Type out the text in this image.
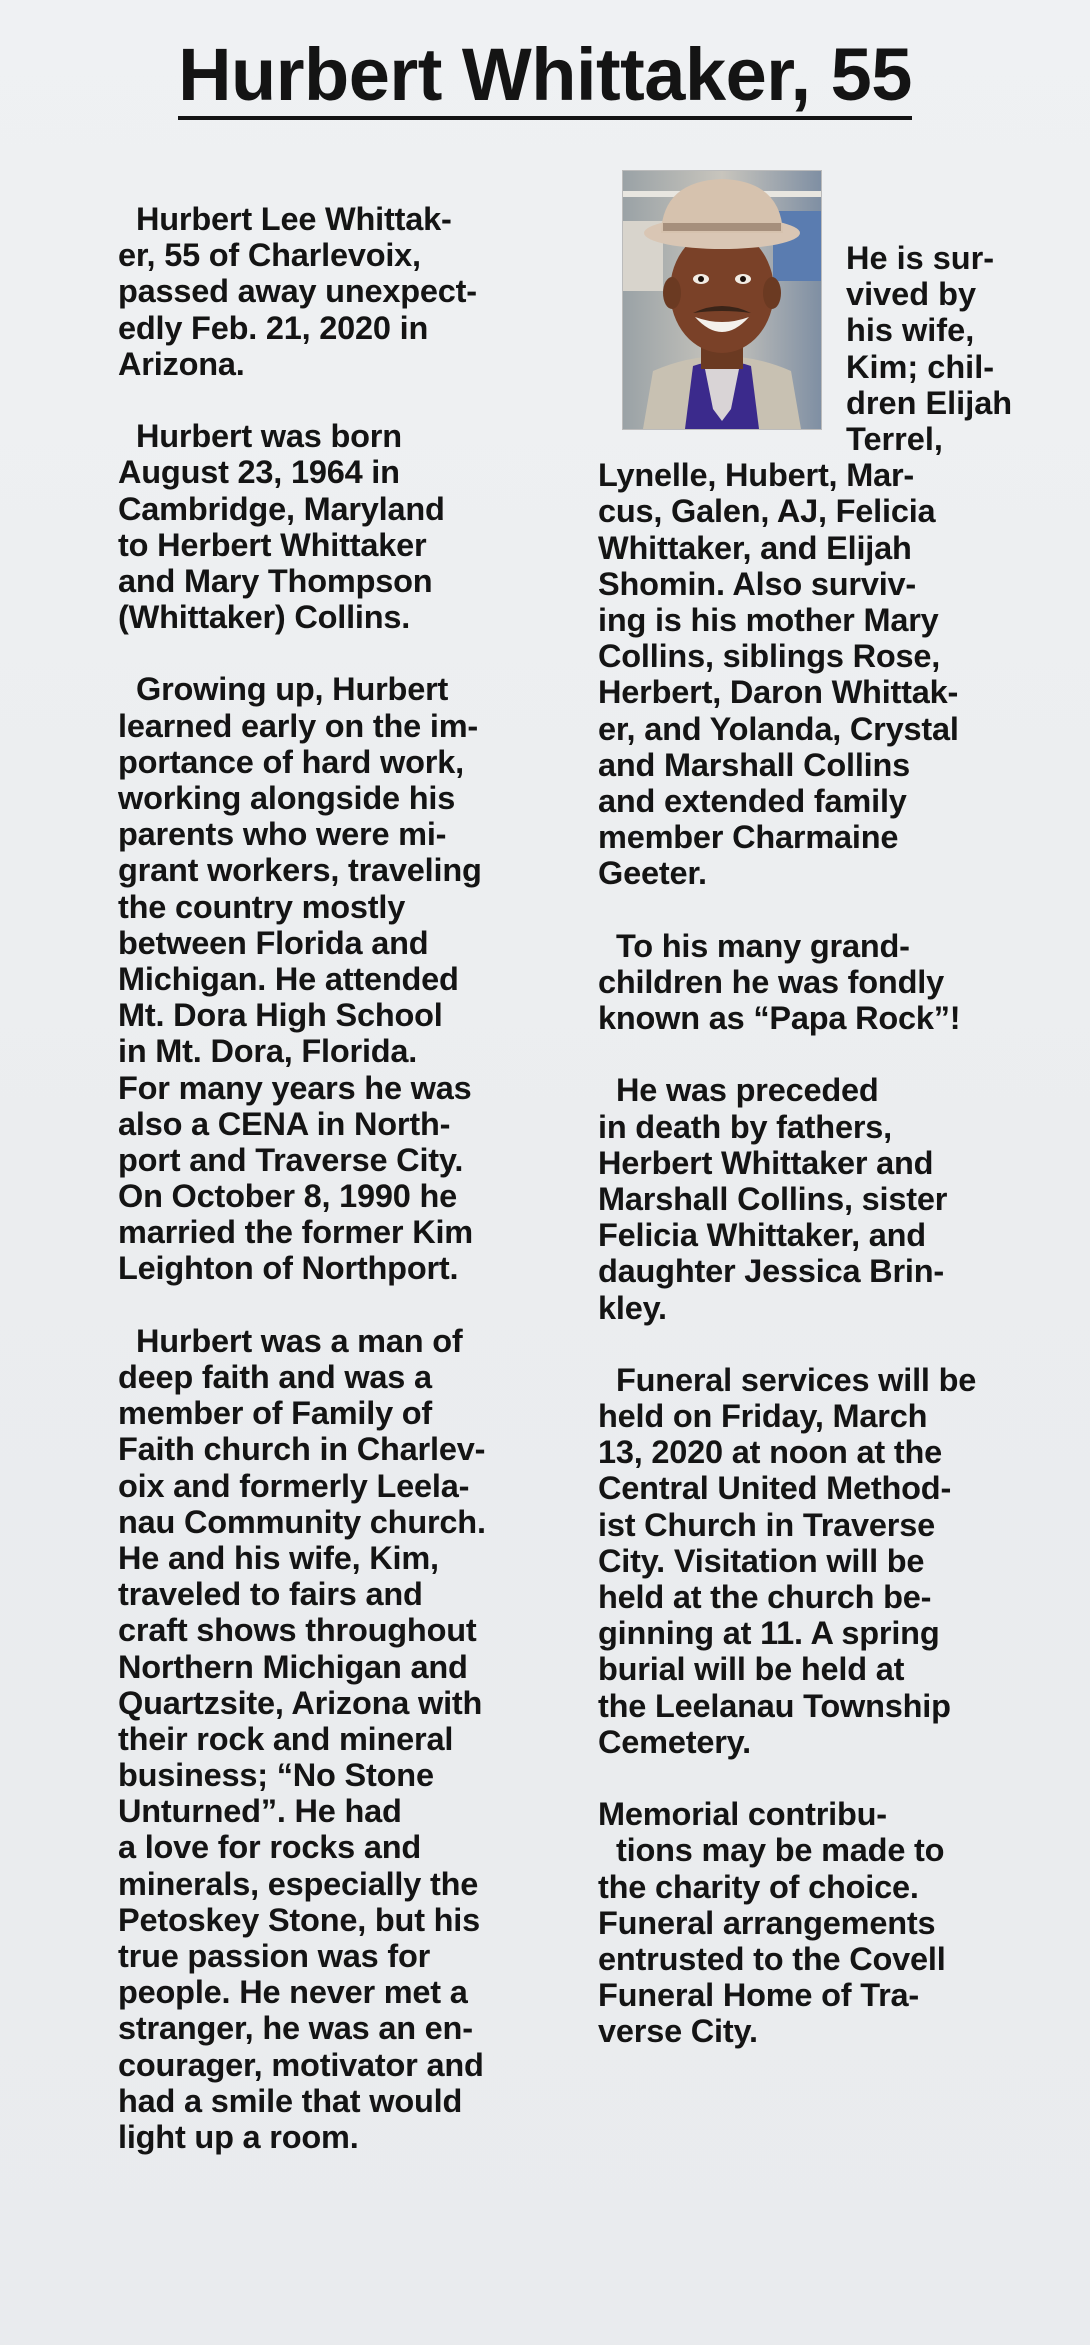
Hurbert Whittaker, 55
Hurbert Lee Whittak-
er, 55 of Charlevoix,
passed away unexpect-
edly Feb. 21, 2020 in
Arizona.
Hurbert was born
August 23, 1964 in
Cambridge, Maryland
to Herbert Whittaker
and Mary Thompson
(Whittaker) Collins.
Growing up, Hurbert
learned early on the im-
portance of hard work,
working alongside his
parents who were mi-
grant workers, traveling
the country mostly
between Florida and
Michigan. He attended
Mt. Dora High School
in Mt. Dora, Florida.
For many years he was
also a CENA in North-
port and Traverse City.
On October 8, 1990 he
married the former Kim
Leighton of Northport.
Hurbert was a man of
deep faith and was a
member of Family of
Faith church in Charlev-
oix and formerly Leela-
nau Community church.
He and his wife, Kim,
traveled to fairs and
craft shows throughout
Northern Michigan and
Quartzsite, Arizona with
their rock and mineral
business; “No Stone
Unturned”. He had
a love for rocks and
minerals, especially the
Petoskey Stone, but his
true passion was for
people. He never met a
stranger, he was an en-
courager, motivator and
had a smile that would
light up a room.
He is sur-
vived by
his wife,
Kim; chil-
dren Elijah
Terrel,
Lynelle, Hubert, Mar-
cus, Galen, AJ, Felicia
Whittaker, and Elijah
Shomin. Also surviv-
ing is his mother Mary
Collins, siblings Rose,
Herbert, Daron Whittak-
er, and Yolanda, Crystal
and Marshall Collins
and extended family
member Charmaine
Geeter.
To his many grand-
children he was fondly
known as “Papa Rock”!
He was preceded
in death by fathers,
Herbert Whittaker and
Marshall Collins, sister
Felicia Whittaker, and
daughter Jessica Brin-
kley.
Funeral services will be
held on Friday, March
13, 2020 at noon at the
Central United Method-
ist Church in Traverse
City. Visitation will be
held at the church be-
ginning at 11. A spring
burial will be held at
the Leelanau Township
Cemetery.
Memorial contribu-
tions may be made to
the charity of choice.
Funeral arrangements
entrusted to the Covell
Funeral Home of Tra-
verse City.
